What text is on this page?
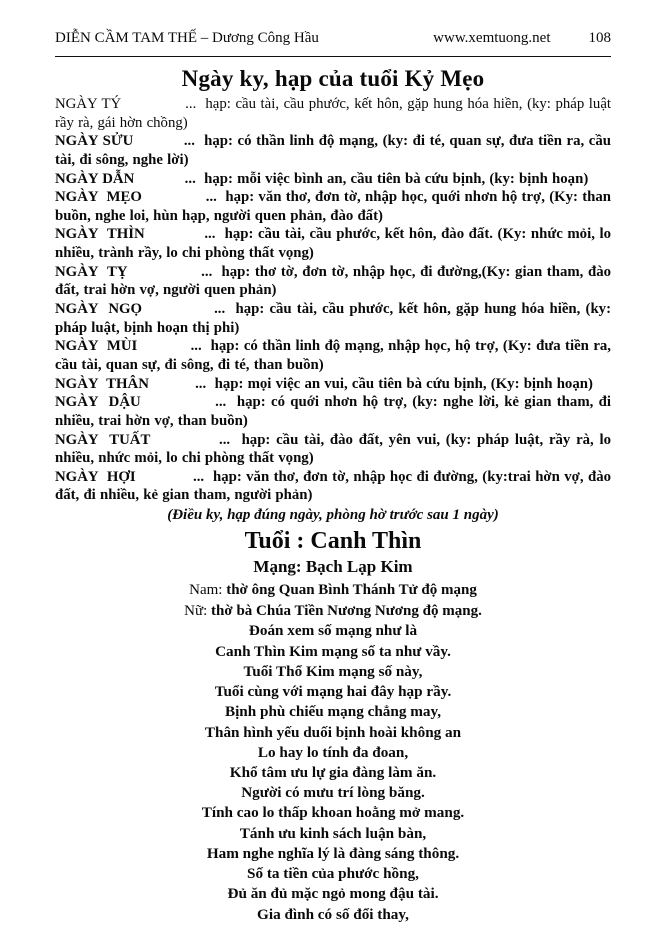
DIỄN CẦM TAM THẾ – Dương Công Hầu	www.xemtuong.net	108
Ngày ky, hạp của tuổi Kỷ Mẹo

NGÀY TÝ              ...  hạp: cầu tài, cầu phước, kết hôn, gặp hung hóa hiền, (ky: pháp luật rầy rà, gái hờn chồng)

NGÀY SỬU           ...  hạp: có thần linh độ mạng, (ky: đi té, quan sự, đưa tiền ra, cầu tài, đi sông, nghe lời)

NGÀY DẪN            ...  hạp: mỗi việc bình an, cầu tiên bà cứu bịnh, (ky: bịnh hoạn)

NGÀY  MẸO               ...  hạp: văn thơ, đơn tờ, nhập học, quới nhơn hộ trợ, (Ky: than buồn, nghe loi, hùn hạp, người quen phản, đào đất)

NGÀY  THÌN             ...  hạp: cầu tài, cầu phước, kết hôn, đào đất. (Ky: nhức mỏi, lo nhiều, trành rầy, lo chi phòng thất vọng)

NGÀY  TỴ                ...  hạp: thơ tờ, đơn tờ, nhập học, đi đường,(Ky: gian tham, đào đất, trai hờn vợ, người quen phản)

NGÀY  NGỌ              ...  hạp: cầu tài, cầu phước, kết hôn, gặp hung hóa hiền, (ky: pháp luật, bịnh hoạn thị phi)

NGÀY  MÙI            ...  hạp: có thần linh độ mạng, nhập học, hộ trợ, (Ky: đưa tiền ra, cầu tài, quan sự, đi sông, đi té, than buồn)

NGÀY  THÂN           ...  hạp: mọi việc an vui, cầu tiên bà cứu bịnh, (Ky: bịnh hoạn)

NGÀY  DẬU              ...  hạp: có quới nhơn hộ trợ, (ky: nghe lời, kẻ gian tham, đi nhiều, trai hờn vợ, than buồn)

NGÀY  TUẤT            ...  hạp: cầu tài, đào đất, yên vui, (ky: pháp luật, rầy rà, lo nhiều, nhức mỏi, lo chi phòng thất vọng)

NGÀY  HỢI             ...  hạp: văn thơ, đơn tờ, nhập học đi đường, (ky:trai hờn vợ, đào đất, đi nhiều, kẻ gian tham, người phản)

(Điều ky, hạp đúng ngày, phòng hờ trước sau 1 ngày)

Tuổi : Canh Thìn

Mạng: Bạch Lạp Kim

Nam: thờ ông Quan Bình Thánh Tử độ mạng

Nữ: thờ bà Chúa Tiền Nương Nương độ mạng.

Đoán xem số mạng như là

Canh Thìn Kim mạng số ta như vầy.

Tuổi Thổ Kim mạng số này,

Tuổi cùng với mạng hai đây hạp rầy.

Bịnh phù chiếu mạng chẳng may,

Thân hình yếu duối bịnh hoài không an

Lo hay lo tính đa đoan,

Khổ tâm ưu lự gia đàng làm ăn.

Người có mưu trí lòng băng.

Tính cao lo thấp khoan hoằng mở mang.

Tánh ưu kinh sách luận bàn,

Ham nghe nghĩa lý là đàng sáng thông.

Số ta tiền của phước hồng,

Đủ ăn đủ mặc ngỏ mong đậu tài.

Gia đình có số đổi thay,
